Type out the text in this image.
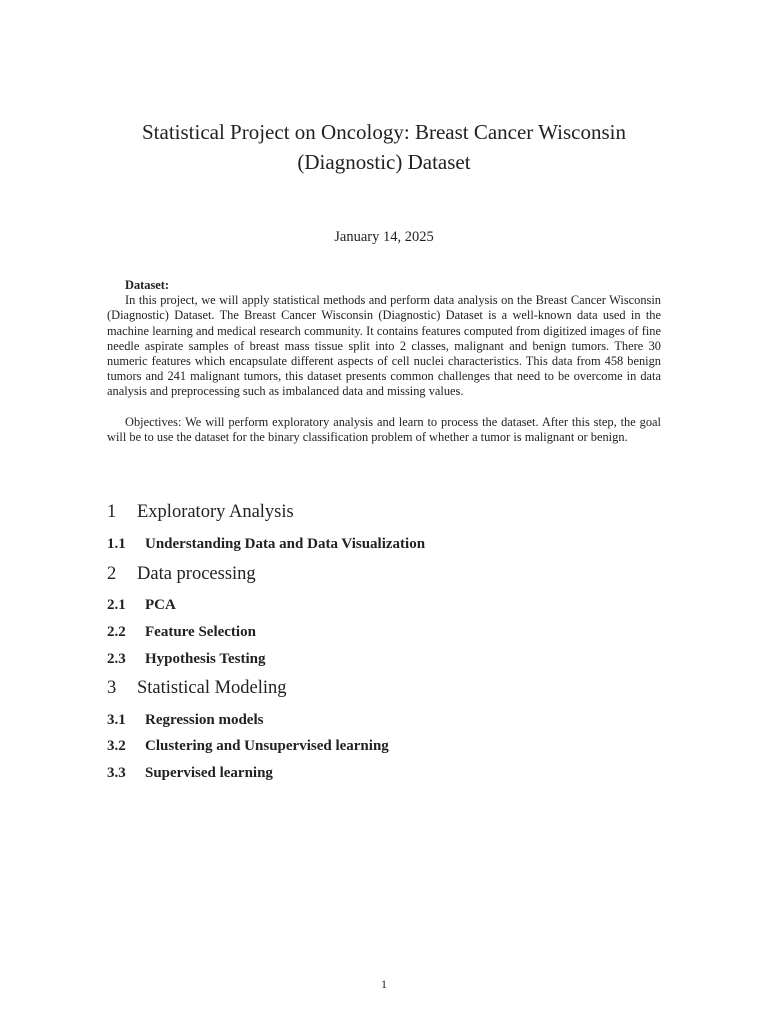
Statistical Project on Oncology: Breast Cancer Wisconsin
(Diagnostic) Dataset
January 14, 2025
Dataset:

In this project, we will apply statistical methods and perform data analysis on the Breast Cancer Wisconsin (Diagnostic) Dataset. The Breast Cancer Wisconsin (Diagnostic) Dataset is a well-known data used in the machine learning and medical research community. It contains features computed from digitized images of fine needle aspirate samples of breast mass tissue split into 2 classes, malignant and benign tumors. There 30 numeric features which encapsulate different aspects of cell nuclei characteristics. This data from 458 benign tumors and 241 malignant tumors, this dataset presents common challenges that need to be overcome in data analysis and preprocessing such as imbalanced data and missing values.

Objectives: We will perform exploratory analysis and learn to process the dataset. After this step, the goal will be to use the dataset for the binary classification problem of whether a tumor is malignant or benign.

1 Exploratory Analysis
1.1 Understanding Data and Data Visualization
2 Data processing
2.1 PCA
2.2 Feature Selection
2.3 Hypothesis Testing
3 Statistical Modeling
3.1 Regression models
3.2 Clustering and Unsupervised learning
3.3 Supervised learning
1
